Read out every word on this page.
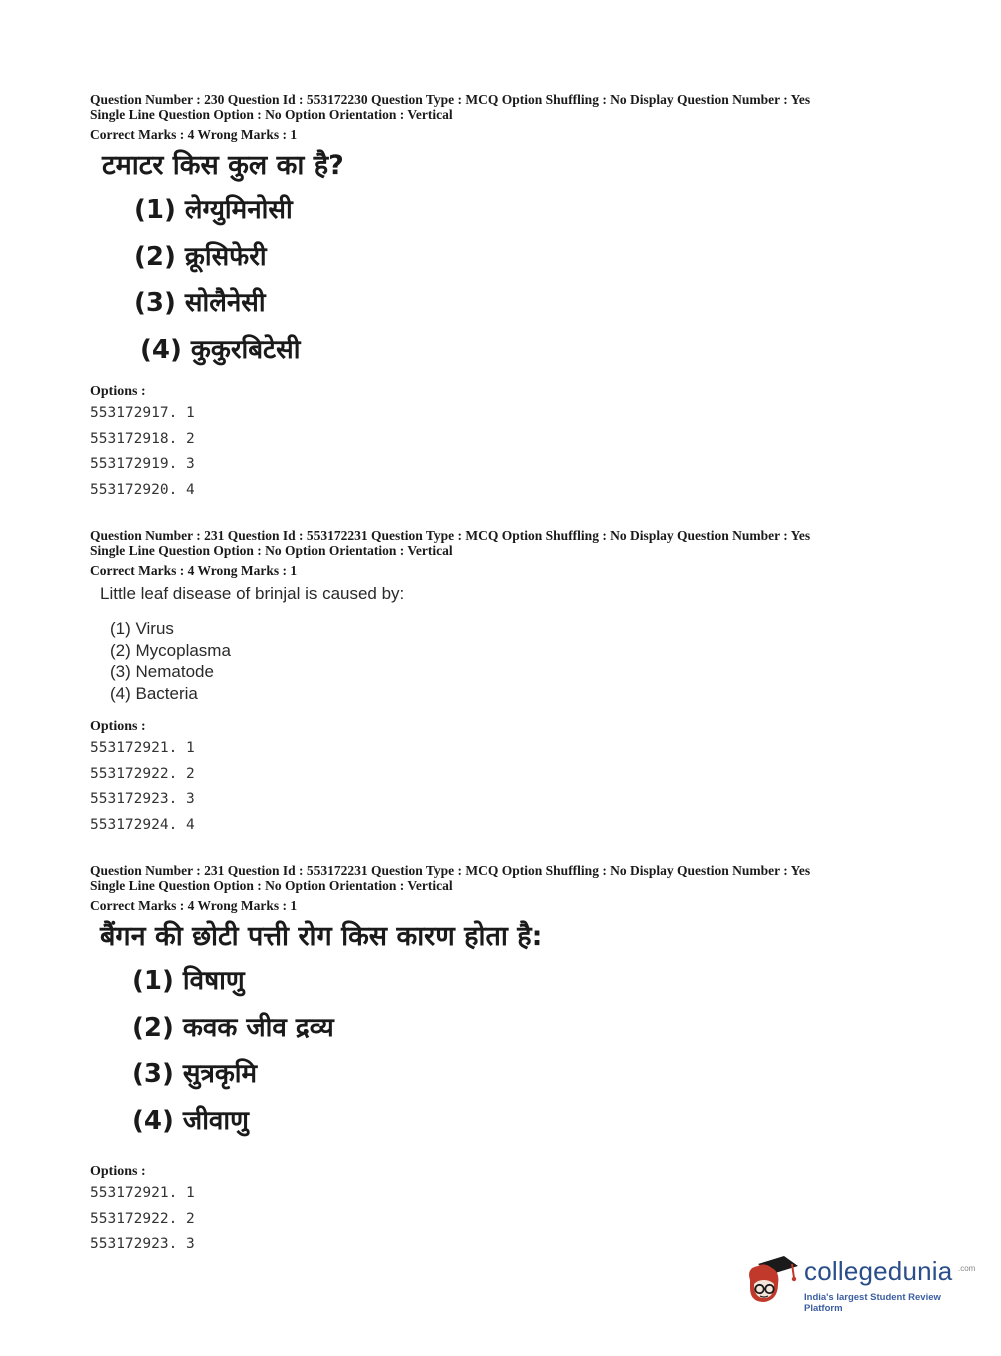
Question Number : 230 Question Id : 553172230 Question Type : MCQ Option Shuffling : No Display Question Number : Yes

Single Line Question Option : No Option Orientation : Vertical

Correct Marks : 4 Wrong Marks : 1

टमाटर किस कुल का है?
(1) लेग्युमिनोसी
(2) क्रूसिफेरी
(3) सोलैनेसी
(4) कुकुरबिटेसी

Options :

553172917. 1
553172918. 2
553172919. 3
553172920. 4

Question Number : 231 Question Id : 553172231 Question Type : MCQ Option Shuffling : No Display Question Number : Yes

Single Line Question Option : No Option Orientation : Vertical

Correct Marks : 4 Wrong Marks : 1

Little leaf disease of brinjal is caused by:
(1) Virus
(2) Mycoplasma
(3) Nematode
(4) Bacteria

Options :

553172921. 1
553172922. 2
553172923. 3
553172924. 4

Question Number : 231 Question Id : 553172231 Question Type : MCQ Option Shuffling : No Display Question Number : Yes

Single Line Question Option : No Option Orientation : Vertical

Correct Marks : 4 Wrong Marks : 1

बैंगन की छोटी पत्ती रोग किस कारण होता है:
(1) विषाणु
(2) कवक जीव द्रव्य
(3) सुत्रकृमि
(4) जीवाणु

Options :

553172921. 1
553172922. 2
553172923. 3
collegedunia .com
India's largest Student Review Platform
